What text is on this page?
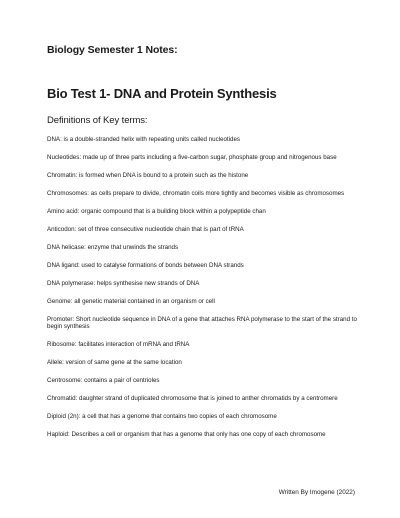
Biology Semester 1 Notes:
Bio Test 1- DNA and Protein Synthesis
Definitions of Key terms:
DNA: is a double-stranded helix with repeating units called nucleotides
Nucleotides: made up of three parts including a five-carbon sugar, phosphate group and nitrogenous base
Chromatin: is formed when DNA is bound to a protein such as the histone
Chromosomes: as cells prepare to divide, chromatin coils more tightly and becomes visible as chromosomes
Amino acid: organic compound that is a building block within a polypeptide chan
Anticodon: set of three consecutive nucleotide chain that is part of tRNA
DNA helicase: enzyme that unwinds the strands
DNA ligand: used to catalyse formations of bonds between DNA strands
DNA polymerase: helps synthesise new strands of DNA
Genome: all genetic material contained in an organism or cell
Promoter: Short nucleotide sequence in DNA of a gene that attaches RNA polymerase to the start of the strand to begin synthesis
Ribosome: facilitates interaction of mRNA and tRNA
Allele: version of same gene at the same location
Centrosome: contains a pair of centrioles
Chromatid: daughter strand of duplicated chromosome that is joined to anther chromatids by a centromere
Diploid (2n): a cell that has a genome that contains two copies of each chromosome
Haploid: Describes a cell or organism that has a genome that only has one copy of each chromosome
Written By Imogene (2022)
